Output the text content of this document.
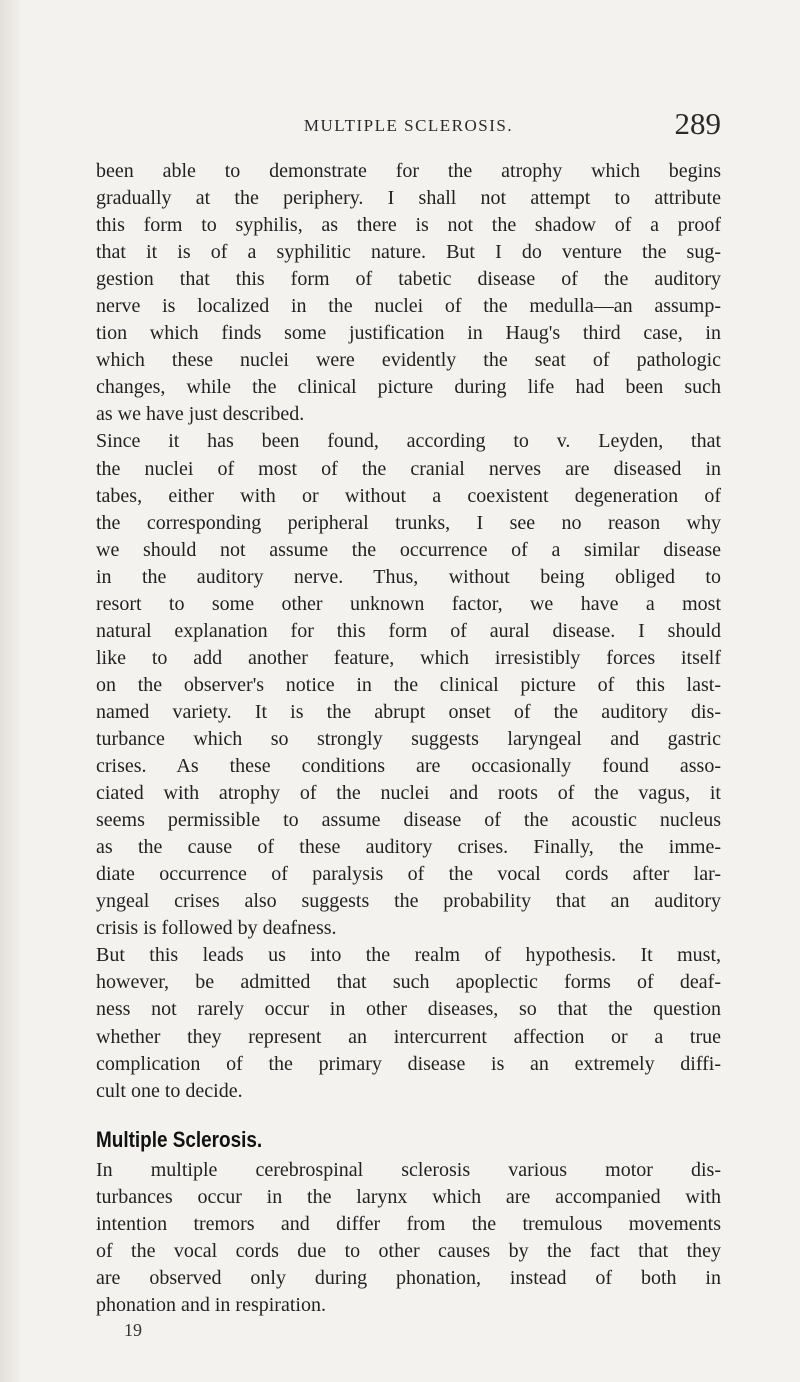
MULTIPLE SCLEROSIS.	289
been able to demonstrate for the atrophy which begins
gradually at the periphery. I shall not attempt to attribute
this form to syphilis, as there is not the shadow of a proof
that it is of a syphilitic nature. But I do venture the sug-
gestion that this form of tabetic disease of the auditory
nerve is localized in the nuclei of the medulla—an assump-
tion which finds some justification in Haug's third case, in
which these nuclei were evidently the seat of pathologic
changes, while the clinical picture during life had been such
as we have just described.
Since it has been found, according to v. Leyden, that
the nuclei of most of the cranial nerves are diseased in
tabes, either with or without a coexistent degeneration of
the corresponding peripheral trunks, I see no reason why
we should not assume the occurrence of a similar disease
in the auditory nerve. Thus, without being obliged to
resort to some other unknown factor, we have a most
natural explanation for this form of aural disease. I should
like to add another feature, which irresistibly forces itself
on the observer's notice in the clinical picture of this last-
named variety. It is the abrupt onset of the auditory dis-
turbance which so strongly suggests laryngeal and gastric
crises. As these conditions are occasionally found asso-
ciated with atrophy of the nuclei and roots of the vagus, it
seems permissible to assume disease of the acoustic nucleus
as the cause of these auditory crises. Finally, the imme-
diate occurrence of paralysis of the vocal cords after lar-
yngeal crises also suggests the probability that an auditory
crisis is followed by deafness.
But this leads us into the realm of hypothesis. It must,
however, be admitted that such apoplectic forms of deaf-
ness not rarely occur in other diseases, so that the question
whether they represent an intercurrent affection or a true
complication of the primary disease is an extremely diffi-
cult one to decide.
Multiple Sclerosis.
In multiple cerebrospinal sclerosis various motor dis-
turbances occur in the larynx which are accompanied with
intention tremors and differ from the tremulous movements
of the vocal cords due to other causes by the fact that they
are observed only during phonation, instead of both in
phonation and in respiration.
19
